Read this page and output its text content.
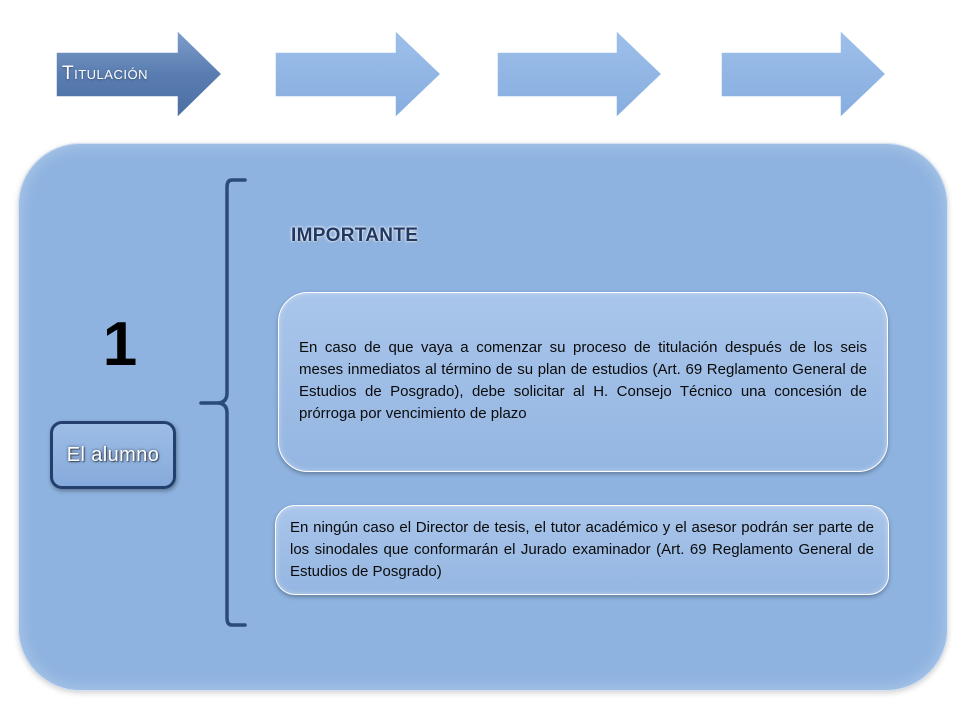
Titulación
1
El alumno
IMPORTANTE
En caso de que vaya a comenzar su proceso de titulación después de los seis meses inmediatos al término de su plan de estudios (Art. 69 Reglamento General de Estudios de Posgrado), debe solicitar al H. Consejo Técnico una concesión de prórroga por vencimiento de plazo
En ningún caso el Director de tesis, el tutor académico y el asesor podrán ser parte de los sinodales que conformarán el Jurado examinador (Art. 69 Reglamento General de Estudios de Posgrado)
